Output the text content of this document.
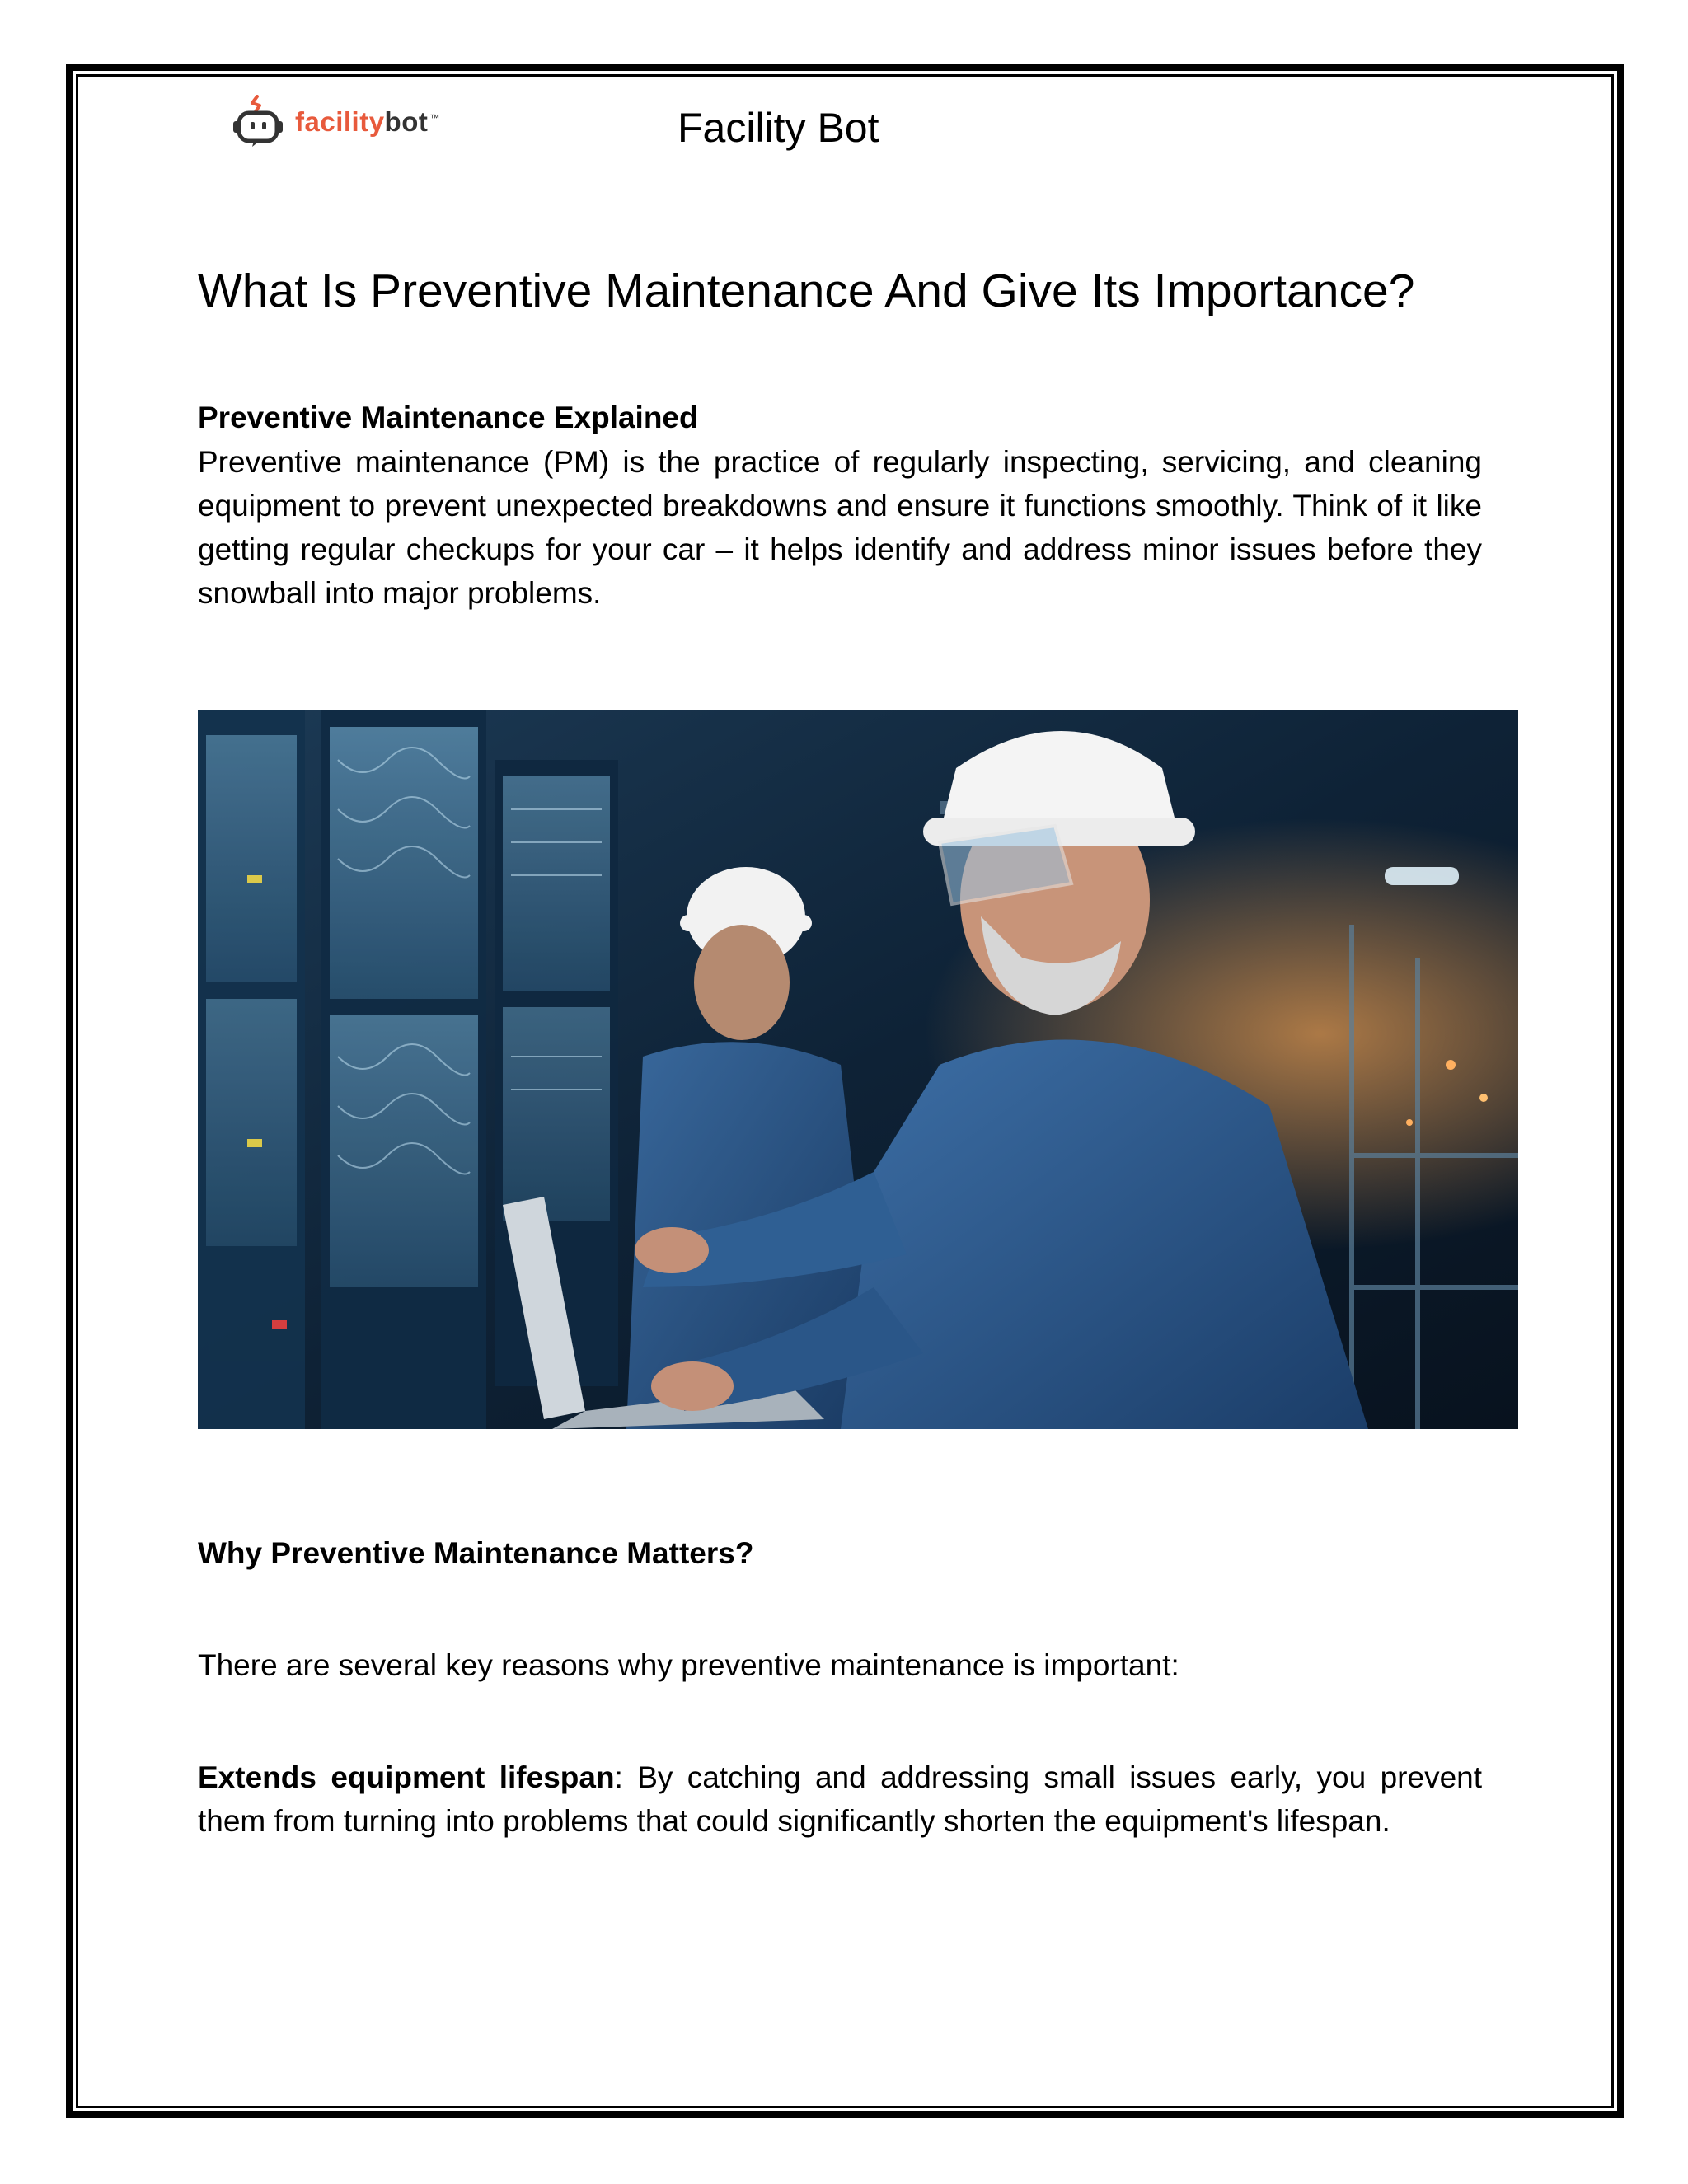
facilitybot ™	Facility Bot
What Is Preventive Maintenance And Give Its Importance?
Preventive Maintenance Explained

Preventive maintenance (PM) is the practice of regularly inspecting, servicing, and cleaning equipment to prevent unexpected breakdowns and ensure it functions smoothly. Think of it like getting regular checkups for your car – it helps identify and address minor issues before they snowball into major problems.

Why Preventive Maintenance Matters?

There are several key reasons why preventive maintenance is important:

Extends equipment lifespan: By catching and addressing small issues early, you prevent them from turning into problems that could significantly shorten the equipment's lifespan.
